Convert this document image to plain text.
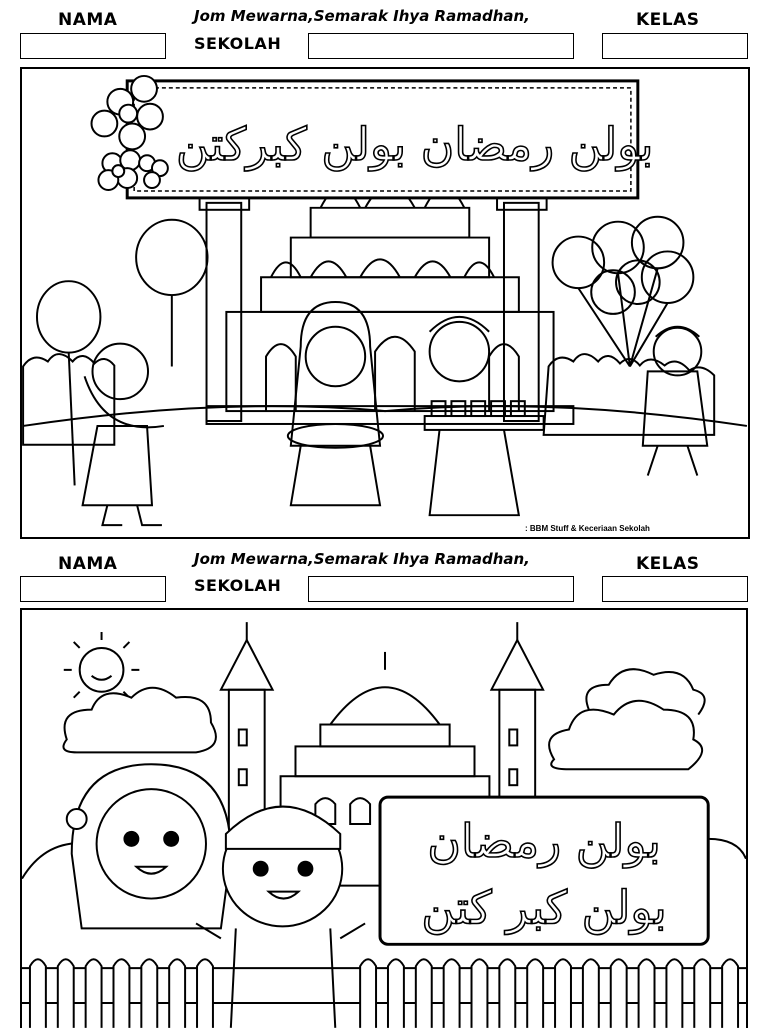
NAMA	KELAS
Jom Mewarna,Semarak Ihya Ramadhan,
SEKOLAH
بولن رمضان بولن كبركتن
: BBM Stuff & Keceriaan Sekolah
NAMA	KELAS
Jom Mewarna,Semarak Ihya Ramadhan,
SEKOLAH
بولن رمضان
بولن كبر كتن
